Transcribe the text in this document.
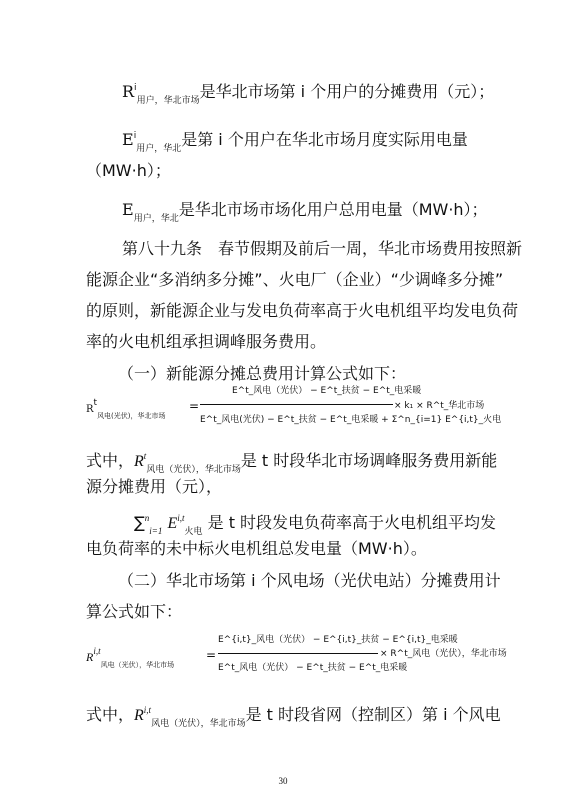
$R^i_{用户,华北市场}$是华北市场第 i 个用户的分摊费用（元）；
$E^i_{用户,华北}$是第 i 个用户在华北市场月度实际用电量
（MW·h）；
$E_{用户,华北}$是华北市场市场化用户总用电量（MW·h）；
第八十九条　春节假期及前后一周，华北市场费用按照新
能源企业“多消纳多分摊”、火电厂（企业）“少调峰多分摊”
的原则，新能源企业与发电负荷率高于火电机组平均发电负荷
率的火电机组承担调峰服务费用。
（一）新能源分摊总费用计算公式如下：
$Rt_{风电(光伏),华北市场}$
=
E^t_风电（光伏） − E^t_扶贫 − E^t_电采暖
E^t_风电(光伏) − E^t_扶贫 − E^t_电采暖 + Σ^n_{i=1} E^{i,t}_火电
× k₁ × R^t_华北市场
式中，$R^t_{风电(光伏),华北市场}$是 t 时段华北市场调峰服务费用新能
源分摊费用（元），
∑$^n_{i=1}$ E$^{i,t}_{火电}$ 是 t 时段发电负荷率高于火电机组平均发
电负荷率的未中标火电机组总发电量（MW·h）。
（二）华北市场第 i 个风电场（光伏电站）分摊费用计
算公式如下：
$Ri,t_{风电(光伏),华北市场}$
=
E^{i,t}_风电（光伏） − E^{i,t}_扶贫 − E^{i,t}_电采暖
E^t_风电（光伏） − E^t_扶贫 − E^t_电采暖
× R^t_风电（光伏），华北市场
式中，R$^{i,t}_{风电(光伏),华北市场}$是 t 时段省网（控制区）第 i 个风电
30
